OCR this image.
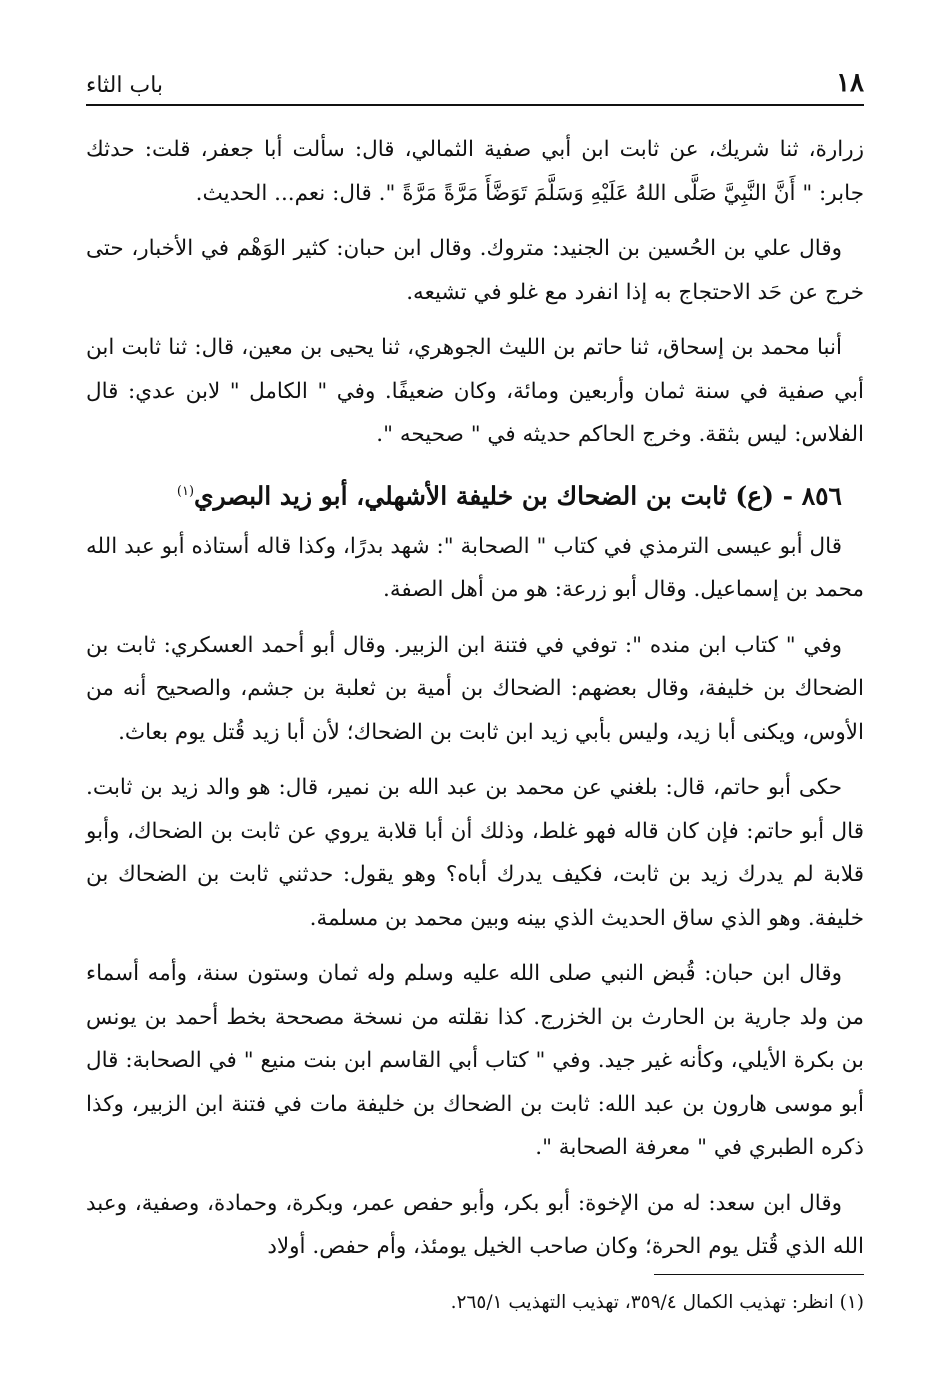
١٨
باب الثاء

زرارة، ثنا شريك، عن ثابت ابن أبي صفية الثمالي، قال: سألت أبا جعفر، قلت: حدثك جابر: " أَنَّ النَّبِيَّ صَلَّى اللهُ عَلَيْهِ وَسَلَّمَ تَوَضَّأَ مَرَّةً مَرَّةً ". قال: نعم... الحديث.

وقال علي بن الحُسين بن الجنيد: متروك. وقال ابن حبان: كثير الوَهْم في الأخبار، حتى خرج عن حَد الاحتجاج به إذا انفرد مع غلو في تشيعه.

أنبا محمد بن إسحاق، ثنا حاتم بن الليث الجوهري، ثنا يحيى بن معين، قال: ثنا ثابت ابن أبي صفية في سنة ثمان وأربعين ومائة، وكان ضعيفًا. وفي " الكامل " لابن عدي: قال الفلاس: ليس بثقة. وخرج الحاكم حديثه في " صحيحه ".

٨٥٦ - (ع) ثابت بن الضحاك بن خليفة الأشهلي، أبو زيد البصري$^{(١)}$

قال أبو عيسى الترمذي في كتاب " الصحابة ": شهد بدرًا، وكذا قاله أستاذه أبو عبد الله محمد بن إسماعيل. وقال أبو زرعة: هو من أهل الصفة.

وفي " كتاب ابن منده ": توفي في فتنة ابن الزبير. وقال أبو أحمد العسكري: ثابت بن الضحاك بن خليفة، وقال بعضهم: الضحاك بن أمية بن ثعلبة بن جشم، والصحيح أنه من الأوس، ويكنى أبا زيد، وليس بأبي زيد ابن ثابت بن الضحاك؛ لأن أبا زيد قُتل يوم بعاث.

حكى أبو حاتم، قال: بلغني عن محمد بن عبد الله بن نمير، قال: هو والد زيد بن ثابت. قال أبو حاتم: فإن كان قاله فهو غلط، وذلك أن أبا قلابة يروي عن ثابت بن الضحاك، وأبو قلابة لم يدرك زيد بن ثابت، فكيف يدرك أباه؟ وهو يقول: حدثني ثابت بن الضحاك بن خليفة. وهو الذي ساق الحديث الذي بينه وبين محمد بن مسلمة.

وقال ابن حبان: قُبض النبي صلى الله عليه وسلم وله ثمان وستون سنة، وأمه أسماء من ولد جارية بن الحارث بن الخزرج. كذا نقلته من نسخة مصححة بخط أحمد بن يونس بن بكرة الأيلي، وكأنه غير جيد. وفي " كتاب أبي القاسم ابن بنت منيع " في الصحابة: قال أبو موسى هارون بن عبد الله: ثابت بن الضحاك بن خليفة مات في فتنة ابن الزبير، وكذا ذكره الطبري في " معرفة الصحابة ".

وقال ابن سعد: له من الإخوة: أبو بكر، وأبو حفص عمر، وبكرة، وحمادة، وصفية، وعبد الله الذي قُتل يوم الحرة؛ وكان صاحب الخيل يومئذ، وأم حفص. أولاد

(١) انظر: تهذيب الكمال ٣٥٩/٤، تهذيب التهذيب ٢٦٥/١.
